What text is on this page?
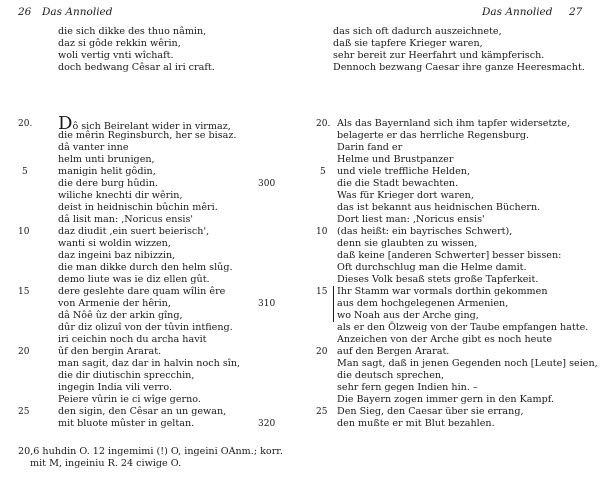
26 Das Annolied	Das Annolied 27
die sich dikke des thuo nâmin,
daz si gôde rekkin wêrin,
woli vertig vnti wîchaft.
doch bedwang Cêsar al iri craft.
das sich oft dadurch auszeichnete,
daß sie tapfere Krieger waren,
sehr bereit zur Heerfahrt und kämpferisch.
Dennoch bezwang Caesar ihre ganze Heeresmacht.
Dô sich Beirelant wider in virmaz,
die mêrin Reginsburch, her se bisaz.
dâ vanter inne
helm unti brunigen,
manigin helit gôdin,
die dere burg hûdin.
wiliche knechti dir wêrin,
deist in heidnischin bûchin mêri.
dâ lisit man: ,Noricus ensis'
daz diudit ,ein suert beierisch',
wanti si woldin wizzen,
daz ingeini baz nibizzin,
die man dikke durch den helm slûg.
demo liute was ie diz ellen gût.
dere geslehte dare quam wîlin êre
von Armenie der hêrin,
dâ Nôê ûz der arkin gîng,
dûr diz olizuî von der tûvin intfieng.
iri ceichin noch du archa havit
ûf den bergin Ararat.
man sagit, daz dar in halvin noch sîn,
die dir diutischin sprecchin,
ingegin India vili verro.
Peiere vûrin ie ci wîge gerno.
den sigin, den Cêsar an un gewan,
mit bluote mûster in geltan.
20.
5
10
15
20
25
300
310
320
20.
5
10
15
20
25
Als das Bayernland sich ihm tapfer widersetzte,
belagerte er das herrliche Regensburg.
Darin fand er
Helme und Brustpanzer
und viele treffliche Helden,
die die Stadt bewachten.
Was für Krieger dort waren,
das ist bekannt aus heidnischen Büchern.
Dort liest man: ,Noricus ensis'
(das heißt: ein bayrisches Schwert),
denn sie glaubten zu wissen,
daß keine [anderen Schwerter] besser bissen:
Oft durchschlug man die Helme damit.
Dieses Volk besaß stets große Tapferkeit.
Ihr Stamm war vormals dorthin gekommen
aus dem hochgelegenen Armenien,
wo Noah aus der Arche ging,
als er den Ölzweig von der Taube empfangen hatte.
Anzeichen von der Arche gibt es noch heute
auf den Bergen Ararat.
Man sagt, daß in jenen Gegenden noch [Leute] seien,
die deutsch sprechen,
sehr fern gegen Indien hin. –
Die Bayern zogen immer gern in den Kampf.
Den Sieg, den Caesar über sie errang,
den mußte er mit Blut bezahlen.
20,6 huhdin O. 12 ingemimi (!) O, ingeini OAnm.; korr.
mit M, ingeiniu R. 24 ciwige O.
